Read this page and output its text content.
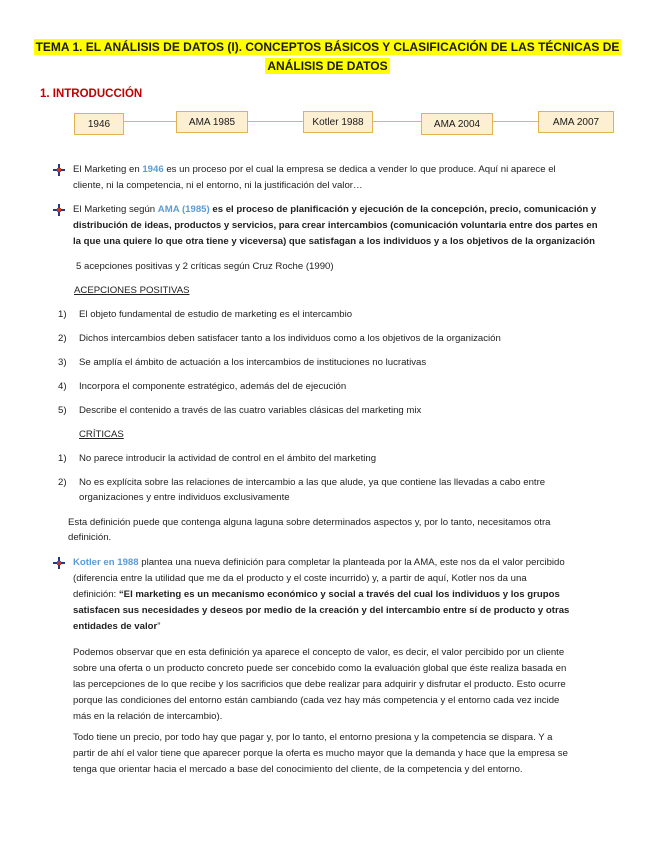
TEMA 1. EL ANÁLISIS DE DATOS (I). CONCEPTOS BÁSICOS Y CLASIFICACIÓN DE LAS TÉCNICAS DE
ANÁLISIS DE DATOS
1. INTRODUCCIÓN
1946	AMA 1985	Kotler 1988	AMA 2004	AMA 2007
El Marketing en 1946 es un proceso por el cual la empresa se dedica a vender lo que produce. Aquí ni aparece el
cliente, ni la competencia, ni el entorno, ni la justificación del valor…
El Marketing según AMA (1985) es el proceso de planificación y ejecución de la concepción, precio, comunicación y
distribución de ideas, productos y servicios, para crear intercambios (comunicación voluntaria entre dos partes en
la que una quiere lo que otra tiene y viceversa) que satisfagan a los individuos y a los objetivos de la organización
5 acepciones positivas y 2 críticas según Cruz Roche (1990)
ACEPCIONES POSITIVAS
1) El objeto fundamental de estudio de marketing es el intercambio
2) Dichos intercambios deben satisfacer tanto a los individuos como a los objetivos de la organización
3) Se amplía el ámbito de actuación a los intercambios de instituciones no lucrativas
4) Incorpora el componente estratégico, además del de ejecución
5) Describe el contenido a través de las cuatro variables clásicas del marketing mix
CRÍTICAS
1) No parece introducir la actividad de control en el ámbito del marketing
2) No es explícita sobre las relaciones de intercambio a las que alude, ya que contiene las llevadas a cabo entre
organizaciones y entre individuos exclusivamente
Esta definición puede que contenga alguna laguna sobre determinados aspectos y, por lo tanto, necesitamos otra
definición.
Kotler en 1988 plantea una nueva definición para completar la planteada por la AMA, este nos da el valor percibido
(diferencia entre la utilidad que me da el producto y el coste incurrido) y, a partir de aquí, Kotler nos da una
definición: “El marketing es un mecanismo económico y social a través del cual los individuos y los grupos
satisfacen sus necesidades y deseos por medio de la creación y del intercambio entre sí de producto y otras
entidades de valor”
Podemos observar que en esta definición ya aparece el concepto de valor, es decir, el valor percibido por un cliente
sobre una oferta o un producto concreto puede ser concebido como la evaluación global que éste realiza basada en
las percepciones de lo que recibe y los sacrificios que debe realizar para adquirir y disfrutar el producto. Esto ocurre
porque las condiciones del entorno están cambiando (cada vez hay más competencia y el entorno cada vez incide
más en la relación de intercambio).
Todo tiene un precio, por todo hay que pagar y, por lo tanto, el entorno presiona y la competencia se dispara. Y a
partir de ahí el valor tiene que aparecer porque la oferta es mucho mayor que la demanda y hace que la empresa se
tenga que orientar hacia el mercado a base del conocimiento del cliente, de la competencia y del entorno.
